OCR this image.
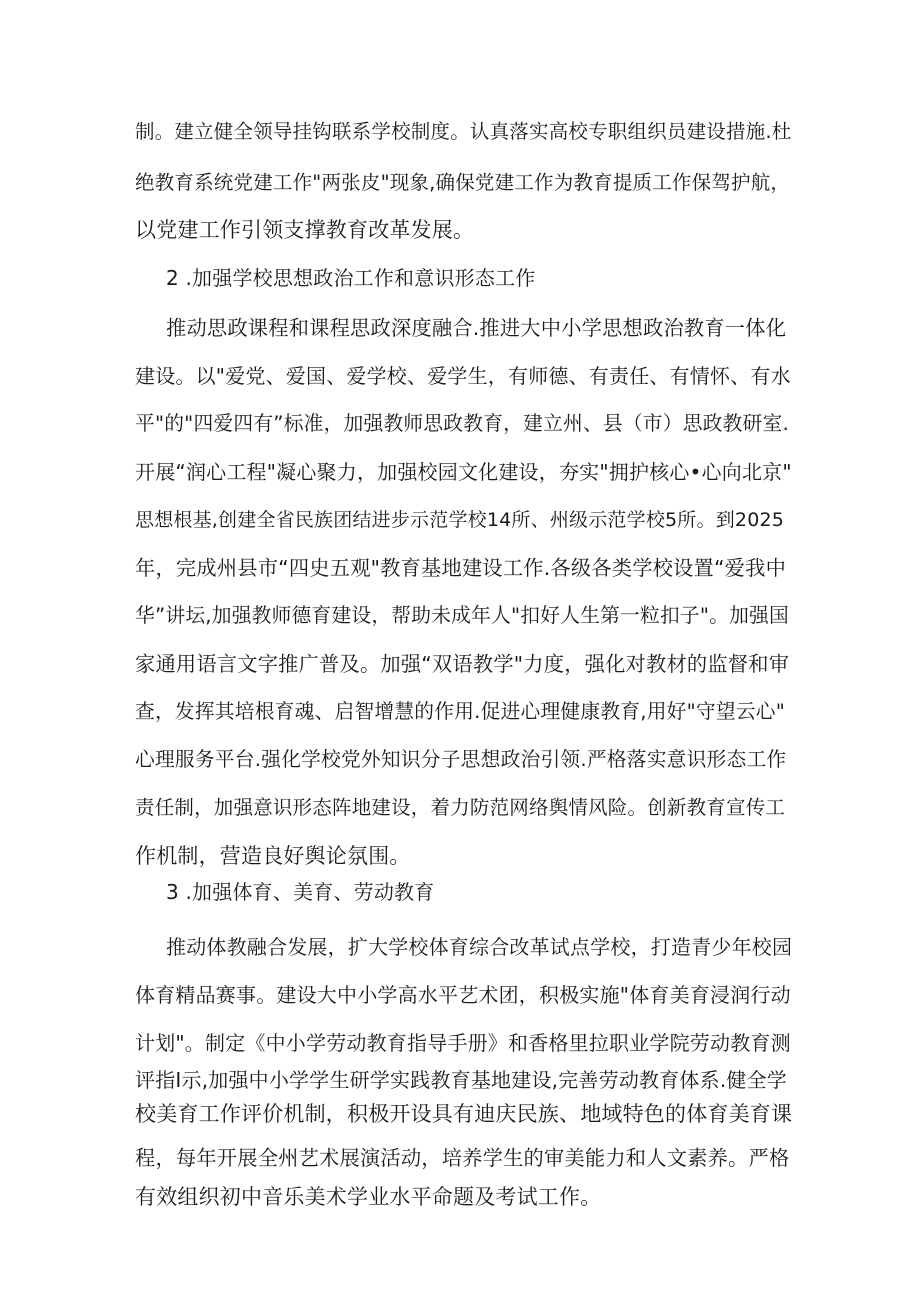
制。建立健全领导挂钩联系学校制度。认真落实高校专职组织员建设措施.杜
绝教育系统党建工作"两张皮"现象,确保党建工作为教育提质工作保驾护航，
以党建工作引领支撑教育改革发展。
2 .加强学校思想政治工作和意识形态工作
推动思政课程和课程思政深度融合.推进大中小学思想政治教育一体化
建设。以"爱党、爱国、爱学校、爱学生，有师德、有责任、有情怀、有水
平"的"四爱四有”标准，加强教师思政教育，建立州、县（市）思政教研室.
开展“润心工程"凝心聚力，加强校园文化建设，夯实"拥护核心•心向北京"
思想根基,创建全省民族团结进步示范学校14所、州级示范学校5所。到2025
年，完成州县市“四史五观"教育基地建设工作.各级各类学校设置“爱我中
华”讲坛,加强教师德育建设，帮助未成年人"扣好人生第一粒扣子"。加强国
家通用语言文字推广普及。加强“双语教学"力度，强化对教材的监督和审
查，发挥其培根育魂、启智增慧的作用.促进心理健康教育,用好"守望云心"
心理服务平台.强化学校党外知识分子思想政治引领.严格落实意识形态工作
责任制，加强意识形态阵地建设，着力防范网络舆情风险。创新教育宣传工
作机制，营造良好舆论氛围。
3 .加强体育、美育、劳动教育
推动体教融合发展，扩大学校体育综合改革试点学校，打造青少年校园
体育精品赛事。建设大中小学高水平艺术团，积极实施"体育美育浸润行动
计划"。制定《中小学劳动教育指导手册》和香格里拉职业学院劳动教育测
评指I示,加强中小学学生研学实践教育基地建设,完善劳动教育体系.健全学
校美育工作评价机制，积极开设具有迪庆民族、地域特色的体育美育课
程，每年开展全州艺术展演活动，培养学生的审美能力和人文素养。严格
有效组织初中音乐美术学业水平命题及考试工作。
